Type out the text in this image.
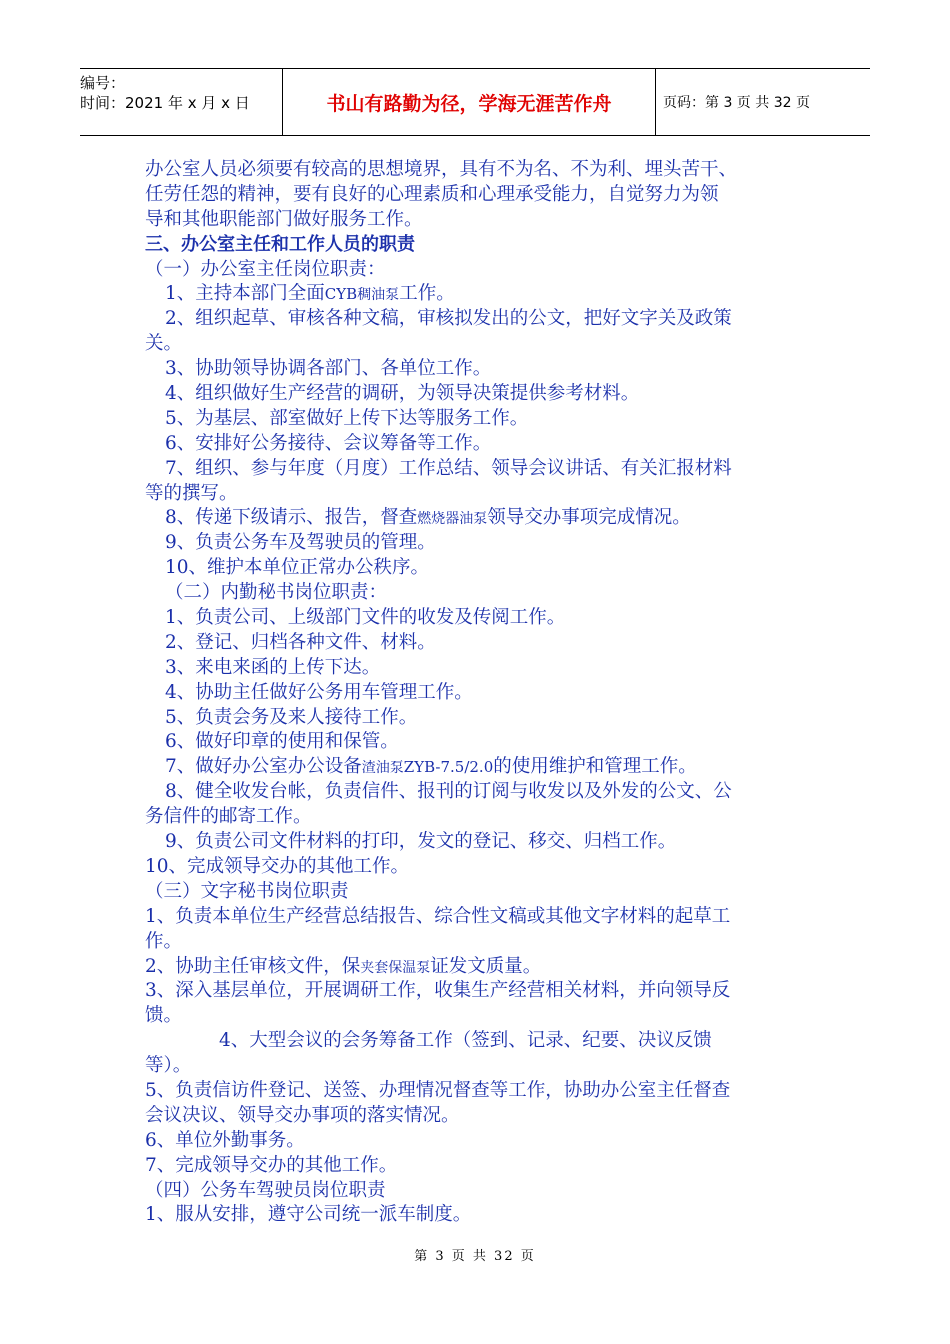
编号：
时间：2021 年 x 月 x 日	书山有路勤为径，学海无涯苦作舟	页码：第 3 页 共 32 页
办公室人员必须要有较高的思想境界，具有不为名、不为利、埋头苦干、
任劳任怨的精神，要有良好的心理素质和心理承受能力，自觉努力为领
导和其他职能部门做好服务工作。
三、办公室主任和工作人员的职责
（一）办公室主任岗位职责：
1、主持本部门全面CYB稠油泵工作。
2、组织起草、审核各种文稿，审核拟发出的公文，把好文字关及政策
关。
3、协助领导协调各部门、各单位工作。
4、组织做好生产经营的调研，为领导决策提供参考材料。
5、为基层、部室做好上传下达等服务工作。
6、安排好公务接待、会议筹备等工作。
7、组织、参与年度（月度）工作总结、领导会议讲话、有关汇报材料
等的撰写。
8、传递下级请示、报告，督查燃烧器油泵领导交办事项完成情况。
9、负责公务车及驾驶员的管理。
10、维护本单位正常办公秩序。
（二）内勤秘书岗位职责：
1、负责公司、上级部门文件的收发及传阅工作。
2、登记、归档各种文件、材料。
3、来电来函的上传下达。
4、协助主任做好公务用车管理工作。
5、负责会务及来人接待工作。
6、做好印章的使用和保管。
7、做好办公室办公设备渣油泵ZYB-7.5/2.0的使用维护和管理工作。
8、健全收发台帐，负责信件、报刊的订阅与收发以及外发的公文、公
务信件的邮寄工作。
9、负责公司文件材料的打印，发文的登记、移交、归档工作。
10、完成领导交办的其他工作。
（三）文字秘书岗位职责
1、负责本单位生产经营总结报告、综合性文稿或其他文字材料的起草工
作。
2、协助主任审核文件，保夹套保温泵证发文质量。
3、深入基层单位，开展调研工作，收集生产经营相关材料，并向领导反
馈。
4、大型会议的会务筹备工作（签到、记录、纪要、决议反馈
等）。
5、负责信访件登记、送签、办理情况督查等工作，协助办公室主任督查
会议决议、领导交办事项的落实情况。
6、单位外勤事务。
7、完成领导交办的其他工作。
（四）公务车驾驶员岗位职责
1、服从安排，遵守公司统一派车制度。
第 3 页 共 32 页
